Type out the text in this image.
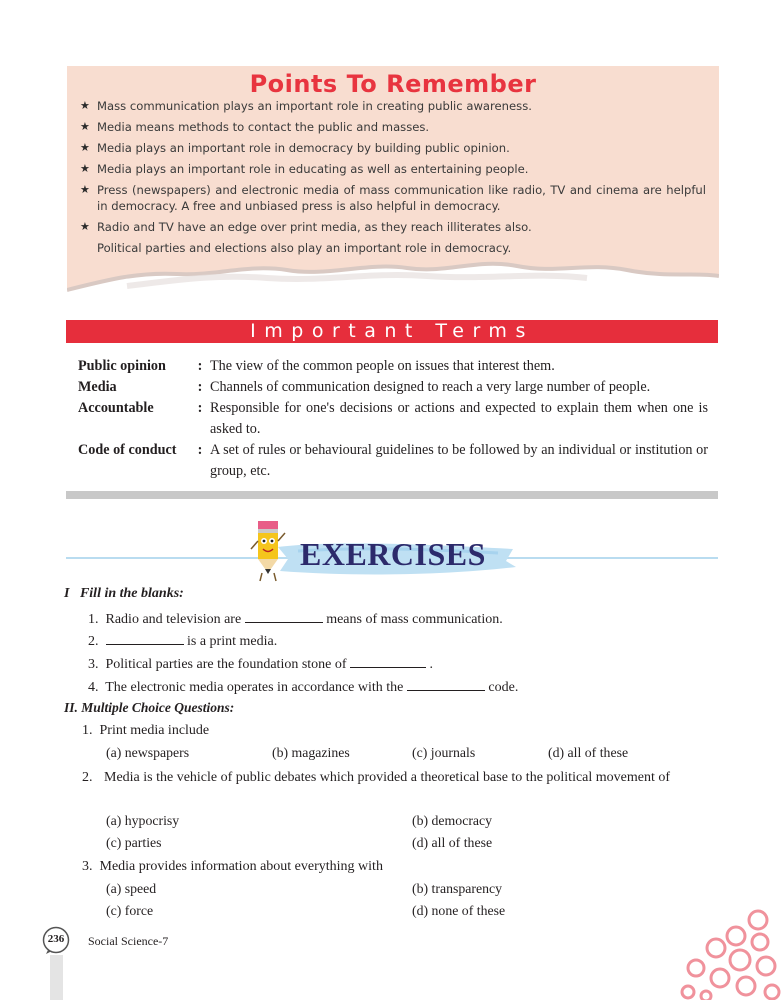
Points To Remember
★ Mass communication plays an important role in creating public awareness.
★ Media means methods to contact the public and masses.
★ Media plays an important role in democracy by building public opinion.
★ Media plays an important role in educating as well as entertaining people.
★ Press (newspapers) and electronic media of mass communication like radio, TV and cinema are helpful in democracy. A free and unbiased press is also helpful in democracy.
★ Radio and TV have an edge over print media, as they reach illiterates also.
Political parties and elections also play an important role in democracy.
Important Terms
Public opinion	: The view of the common people on issues that interest them.
Media	: Channels of communication designed to reach a very large number of people.
Accountable	: Responsible for one's decisions or actions and expected to explain them when one is asked to.
Code of conduct	: A set of rules or behavioural guidelines to be followed by an individual or institution or group, etc.
EXERCISES
I Fill in the blanks:
1. Radio and television are	means of mass communication.
2.	is a print media.
3. Political parties are the foundation stone of	.
4. The electronic media operates in accordance with the	code.
II. Multiple Choice Questions:
1. Print media include
(a) newspapers	(b) magazines	(c) journals	(d) all of these
2. Media is the vehicle of public debates which provided a theoretical base to the political movement of
(a) hypocrisy	(b) democracy
(c) parties	(d) all of these
3. Media provides information about everything with
(a) speed	(b) transparency
(c) force	(d) none of these
236	Social Science-7
